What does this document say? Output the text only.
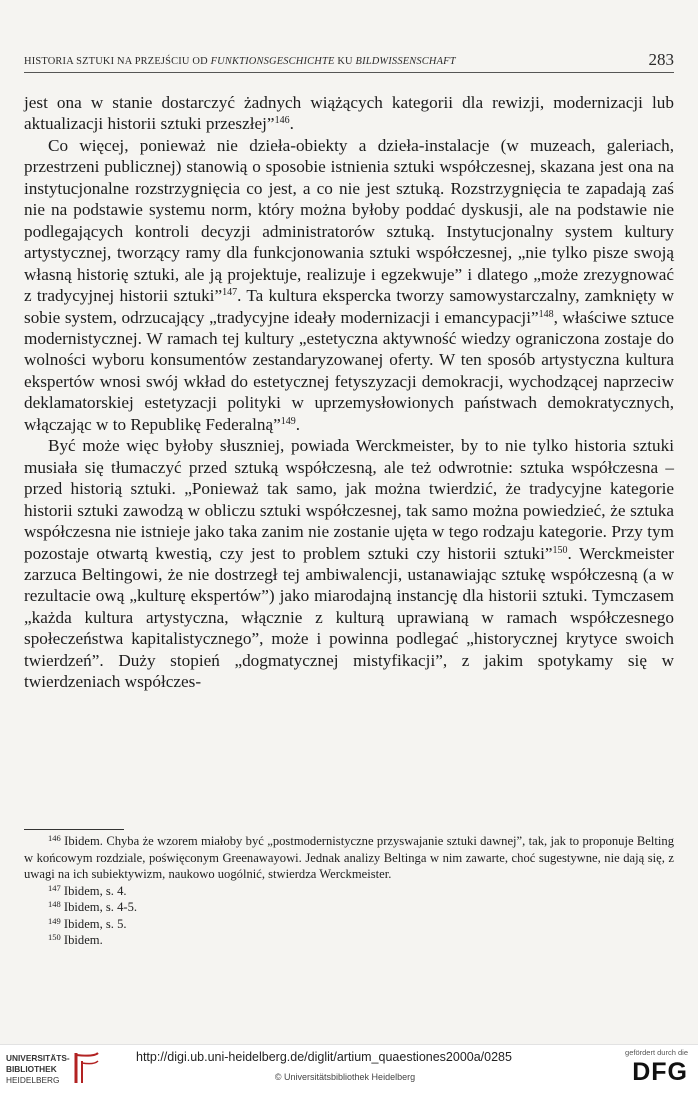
HISTORIA SZTUKI NA PRZEJŚCIU OD FUNKTIONSGESCHICHTE KU BILDWISSENSCHAFT	283

jest ona w stanie dostarczyć żadnych wiążących kategorii dla rewizji, modernizacji lub aktualizacji historii sztuki przeszłej”$^{146}$.

Co więcej, ponieważ nie dzieła-obiekty a dzieła-instalacje (w muzeach, galeriach, przestrzeni publicznej) stanowią o sposobie istnienia sztuki współczesnej, skazana jest ona na instytucjonalne rozstrzygnięcia co jest, a co nie jest sztuką. Rozstrzygnięcia te zapadają zaś nie na podstawie systemu norm, który można byłoby poddać dyskusji, ale na podstawie nie podlegających kontroli decyzji administratorów sztuką. Instytucjonalny system kultury artystycznej, tworzący ramy dla funkcjonowania sztuki współczesnej, „nie tylko pisze swoją własną historię sztuki, ale ją projektuje, realizuje i egzekwuje” i dlatego „może zrezygnować z tradycyjnej historii sztuki”$^{147}$. Ta kultura ekspercka tworzy samowystarczalny, zamknięty w sobie system, odrzucający „tradycyjne ideały modernizacji i emancypacji”$^{148}$, właściwe sztuce modernistycznej. W ramach tej kultury „estetyczna aktywność wiedzy ograniczona zostaje do wolności wyboru konsumentów zestandaryzowanej oferty. W ten sposób artystyczna kultura ekspertów wnosi swój wkład do estetycznej fetyszyzacji demokracji, wychodzącej naprzeciw deklamatorskiej estetyzacji polityki w uprzemysłowionych państwach demokratycznych, włączając w to Republikę Federalną”$^{149}$.

Być może więc byłoby słuszniej, powiada Werckmeister, by to nie tylko historia sztuki musiała się tłumaczyć przed sztuką współczesną, ale też odwrotnie: sztuka współczesna – przed historią sztuki. „Ponieważ tak samo, jak można twierdzić, że tradycyjne kategorie historii sztuki zawodzą w obliczu sztuki współczesnej, tak samo można powiedzieć, że sztuka współczesna nie istnieje jako taka zanim nie zostanie ujęta w tego rodzaju kategorie. Przy tym pozostaje otwartą kwestią, czy jest to problem sztuki czy historii sztuki”$^{150}$. Werckmeister zarzuca Beltingowi, że nie dostrzegł tej ambiwalencji, ustanawiając sztukę współczesną (a w rezultacie ową „kulturę ekspertów”) jako miarodajną instancję dla historii sztuki. Tymczasem „każda kultura artystyczna, włącznie z kulturą uprawianą w ramach współczesnego społeczeństwa kapitalistycznego”, może i powinna podlegać „historycznej krytyce swoich twierdzeń”. Duży stopień „dogmatycznej mistyfikacji”, z jakim spotykamy się w twierdzeniach współczes-

$^{146}$ Ibidem. Chyba że wzorem miałoby być „postmodernistyczne przyswajanie sztuki dawnej”, tak, jak to proponuje Belting w końcowym rozdziale, poświęconym Greenawayowi. Jednak analizy Beltinga w nim zawarte, choć sugestywne, nie dają się, z uwagi na ich subiektywizm, naukowo uogólnić, stwierdza Werckmeister.

$^{147}$ Ibidem, s. 4.

$^{148}$ Ibidem, s. 4-5.

$^{149}$ Ibidem, s. 5.

$^{150}$ Ibidem.

UNIVERSITÄTS-
BIBLIOTHEK
HEIDELBERG
http://digi.ub.uni-heidelberg.de/diglit/artium_quaestiones2000a/0285
© Universitätsbibliothek Heidelberg
gefördert durch die
DFG
